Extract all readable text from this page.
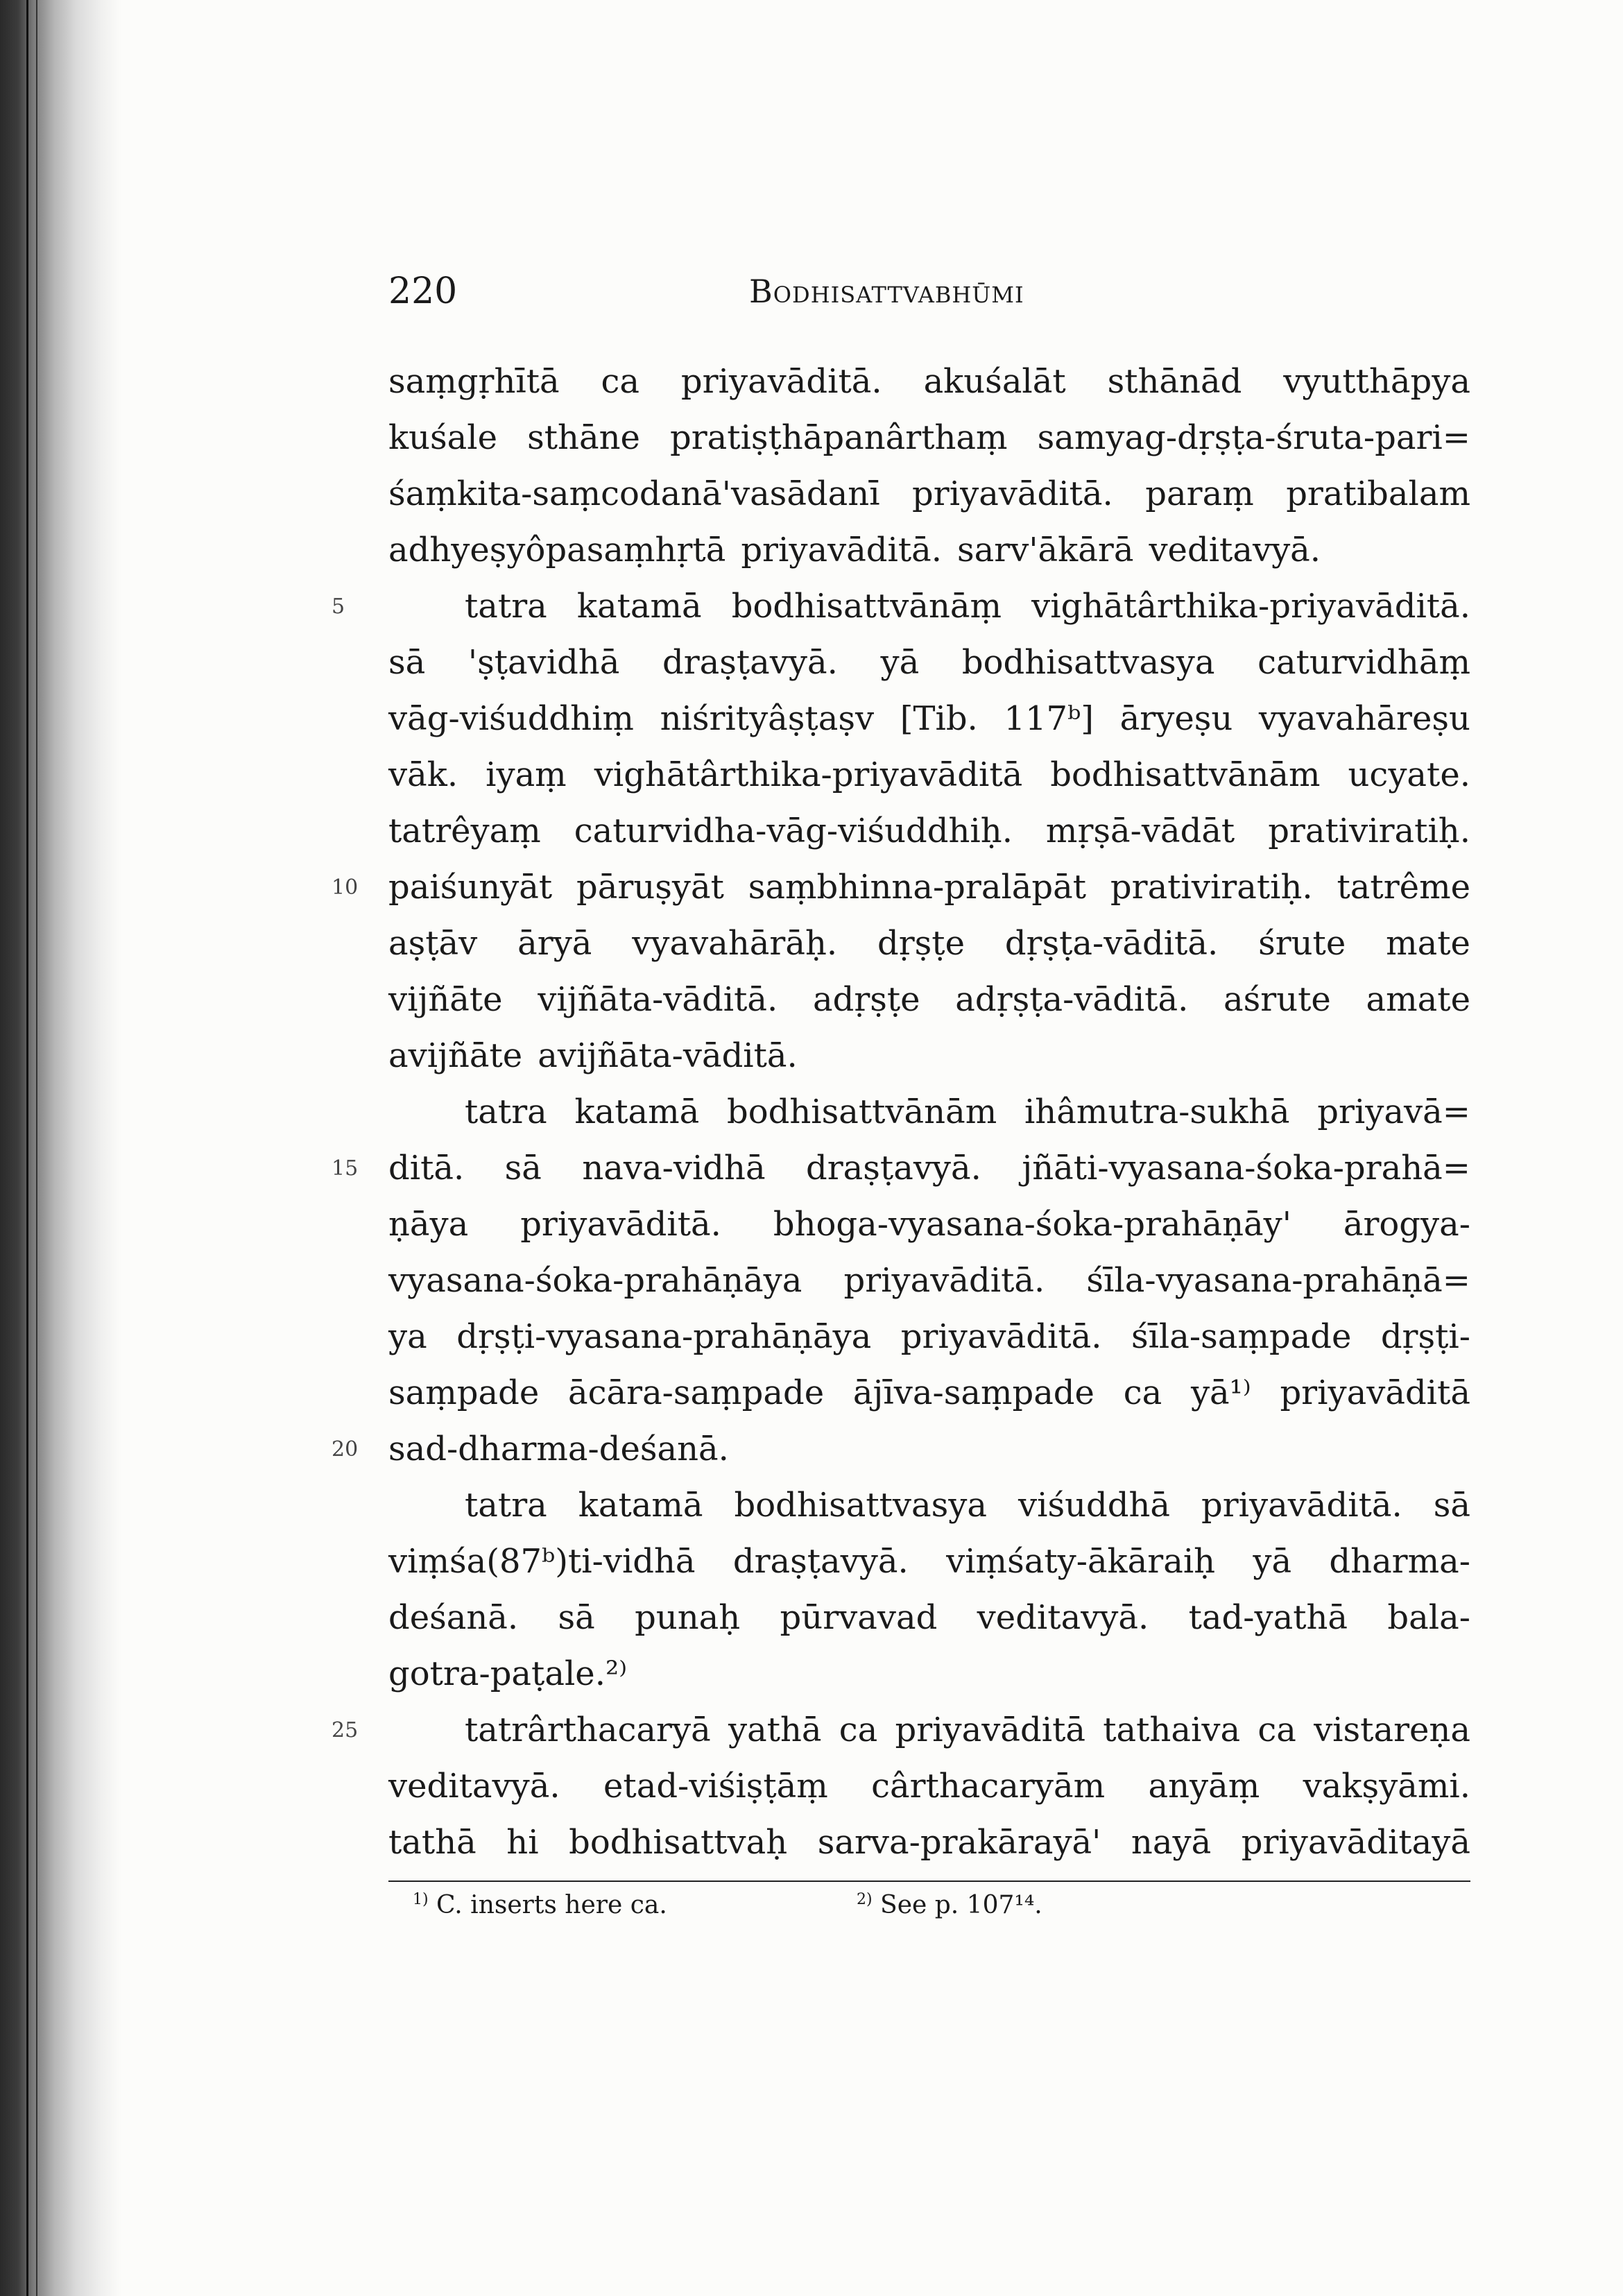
220	Bodhisattvabhūmi
saṃgṛhītā ca priyavāditā. akuśalāt sthānād vyutthāpya
kuśale sthāne pratiṣṭhāpanârthaṃ samyag-dṛṣṭa-śruta-pari=
śaṃkita-saṃcodanā'vasādanī priyavāditā. paraṃ pratibalam
adhyeṣyôpasaṃhṛtā priyavāditā. sarv'ākārā veditavyā.
tatra katamā bodhisattvānāṃ vighātârthika-priyavāditā.
sā 'ṣṭavidhā draṣṭavyā. yā bodhisattvasya caturvidhāṃ
vāg-viśuddhiṃ niśrityâṣṭaṣv [Tib. 117ᵇ] āryeṣu vyavahāreṣu
vāk. iyaṃ vighātârthika-priyavāditā bodhisattvānām ucyate.
tatrêyaṃ caturvidha-vāg-viśuddhiḥ. mṛṣā-vādāt prativiratiḥ.
paiśunyāt pāruṣyāt saṃbhinna-pralāpāt prativiratiḥ. tatrême
aṣṭāv āryā vyavahārāḥ. dṛṣṭe dṛṣṭa-vāditā. śrute mate
vijñāte vijñāta-vāditā. adṛṣṭe adṛṣṭa-vāditā. aśrute amate
avijñāte avijñāta-vāditā.
tatra katamā bodhisattvānām ihâmutra-sukhā priyavā=
ditā. sā nava-vidhā draṣṭavyā. jñāti-vyasana-śoka-prahā=
ṇāya priyavāditā. bhoga-vyasana-śoka-prahāṇāy' ārogya-
vyasana-śoka-prahāṇāya priyavāditā. śīla-vyasana-prahāṇā=
ya dṛṣṭi-vyasana-prahāṇāya priyavāditā. śīla-saṃpade dṛṣṭi-
saṃpade ācāra-saṃpade ājīva-saṃpade ca yā¹⁾ priyavāditā
sad-dharma-deśanā.
tatra katamā bodhisattvasya viśuddhā priyavāditā. sā
viṃśa(87ᵇ)ti-vidhā draṣṭavyā. viṃśaty-ākāraiḥ yā dharma-
deśanā. sā punaḥ pūrvavad veditavyā. tad-yathā bala-
gotra-paṭale.²⁾
tatrârthacaryā yathā ca priyavāditā tathaiva ca vistareṇa
veditavyā. etad-viśiṣṭāṃ cârthacaryām anyāṃ vakṣyāmi.
tathā hi bodhisattvaḥ sarva-prakārayā' nayā priyavāditayā
5
10
15
20
25
$^{1)}$ C. inserts here ca.	$^{2)}$ See p. 107¹⁴.
